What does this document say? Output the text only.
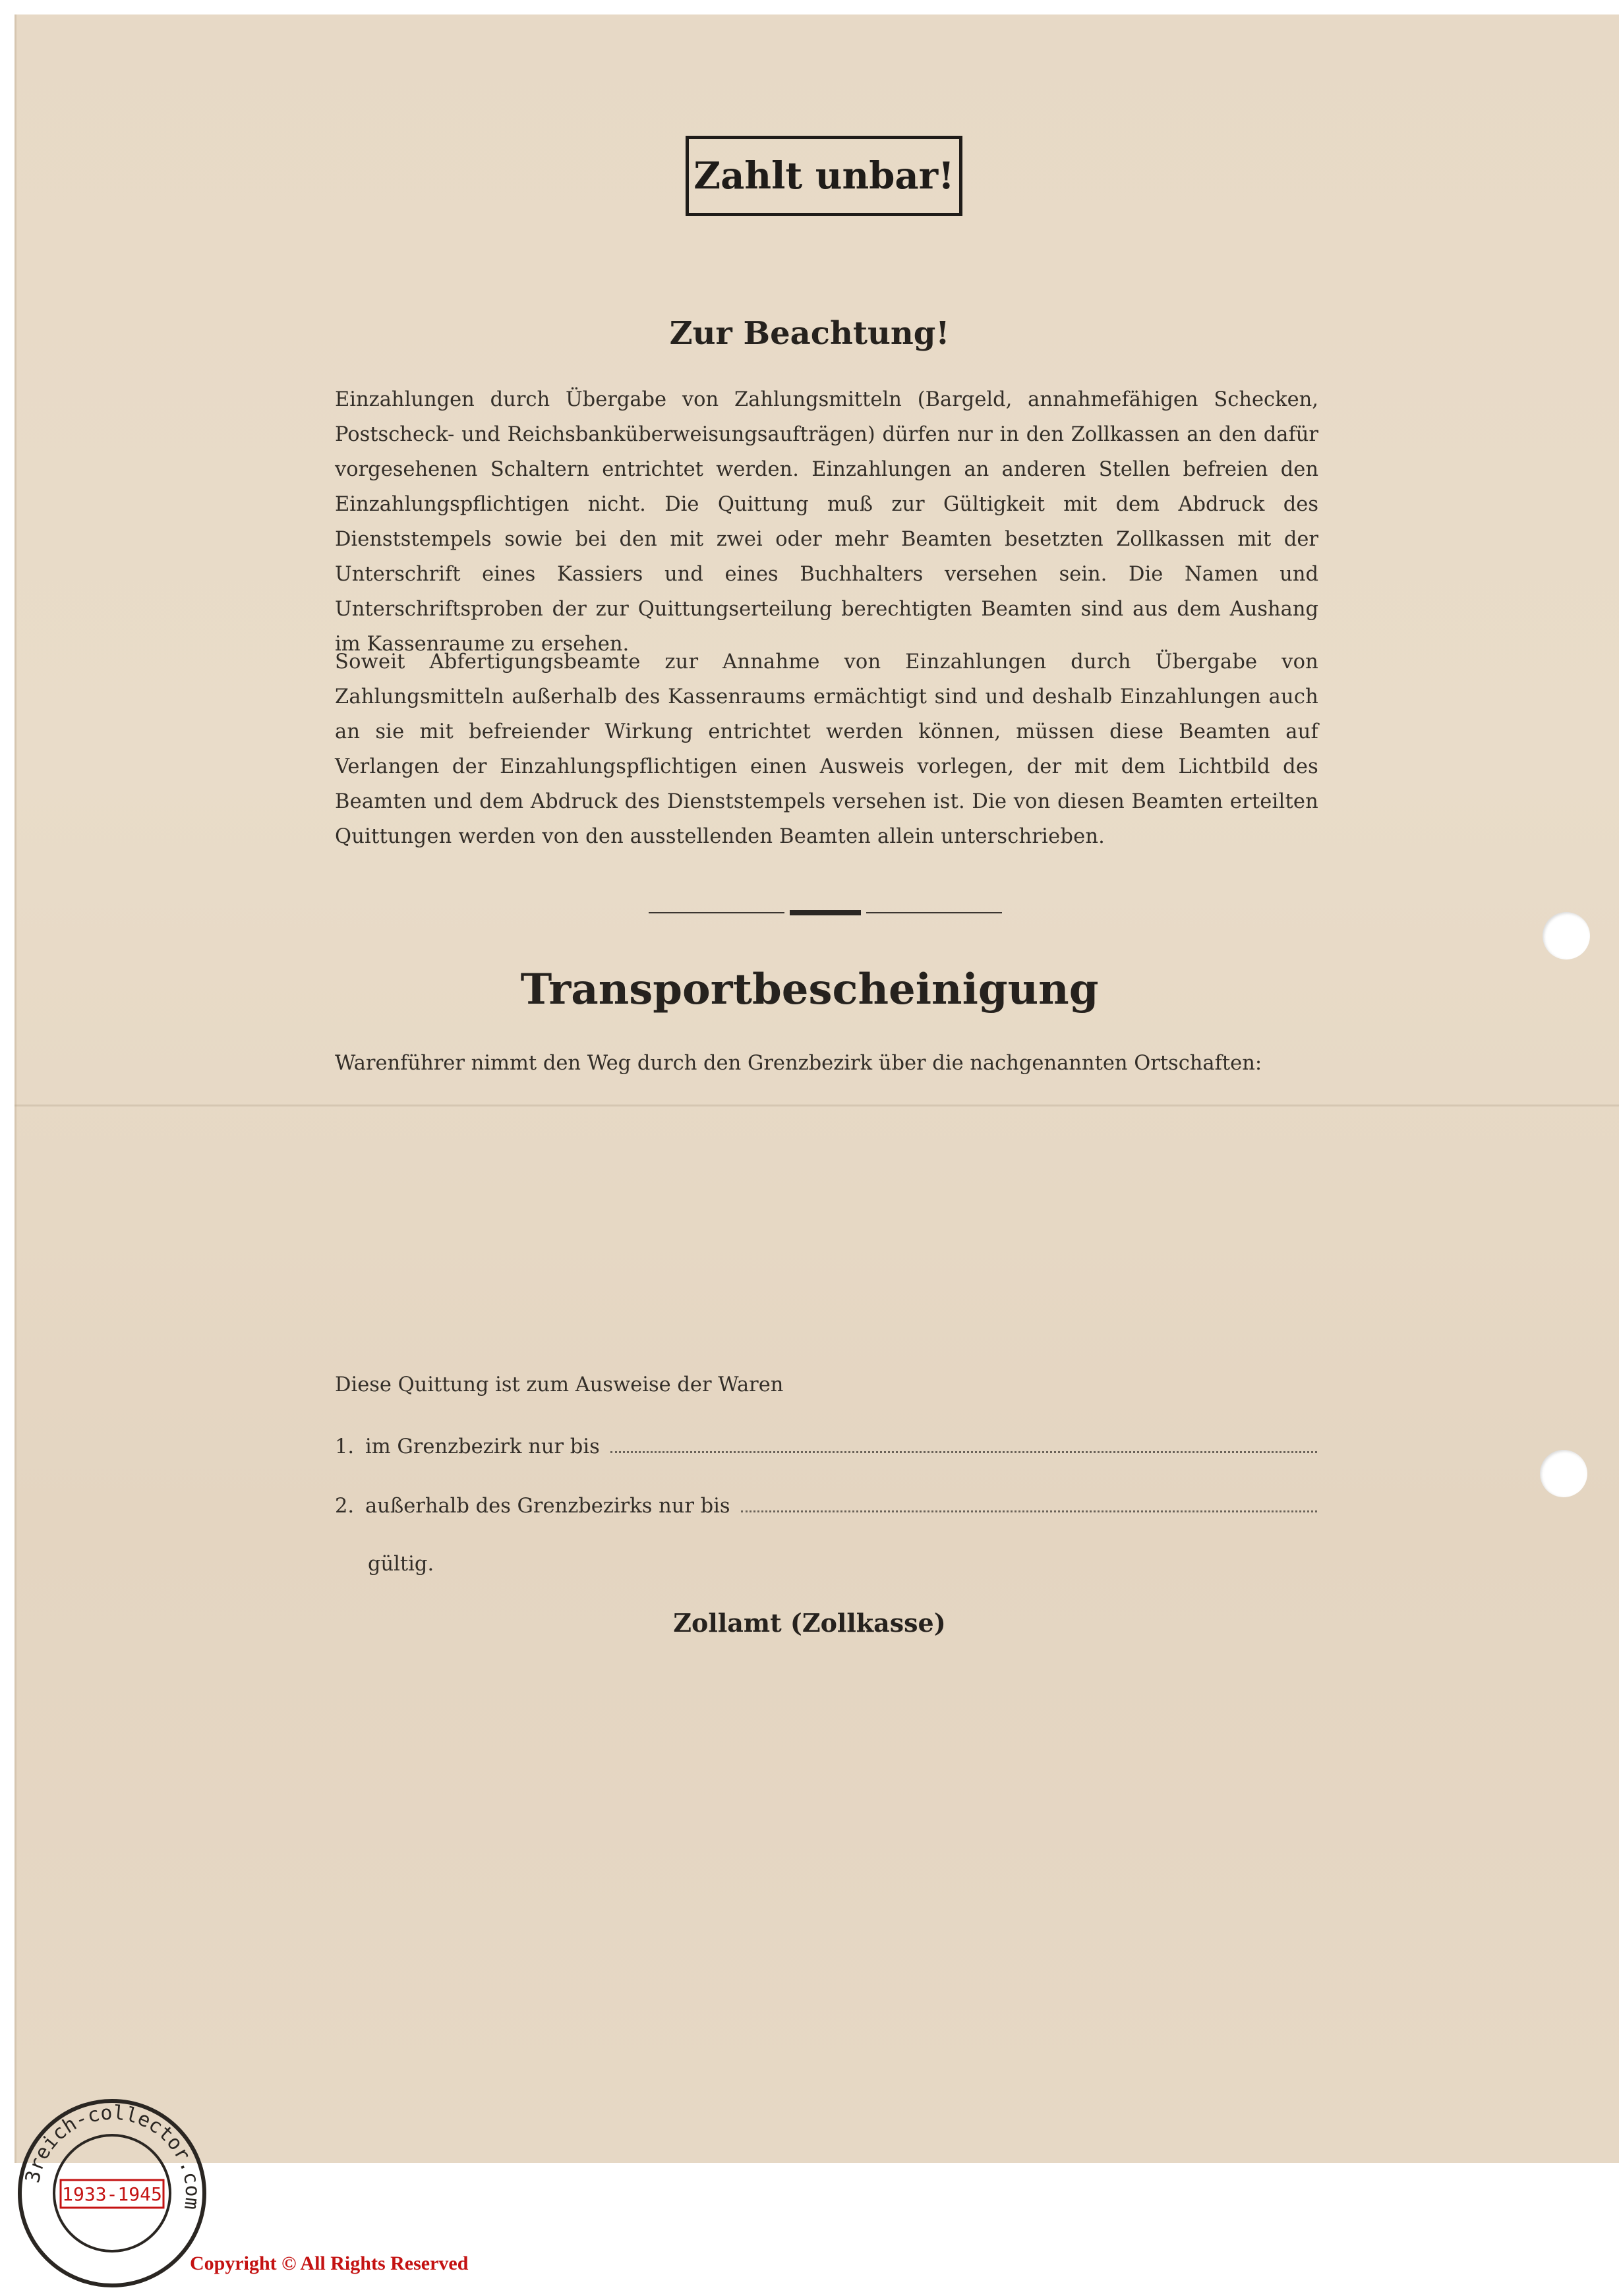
Zahlt unbar!
Zur Beachtung!
Einzahlungen durch Übergabe von Zahlungsmitteln (Bargeld, annahmefähigen Schecken, Postscheck- und Reichsbanküberweisungsaufträgen) dürfen nur in den Zollkassen an den dafür vorgesehenen Schaltern entrichtet werden. Einzahlungen an anderen Stellen befreien den Einzahlungspflichtigen nicht. Die Quittung muß zur Gültigkeit mit dem Abdruck des Dienststempels sowie bei den mit zwei oder mehr Beamten besetzten Zollkassen mit der Unterschrift eines Kassiers und eines Buchhalters versehen sein. Die Namen und Unterschriftsproben der zur Quittungserteilung berechtigten Beamten sind aus dem Aushang im Kassenraume zu ersehen.
Soweit Abfertigungsbeamte zur Annahme von Einzahlungen durch Übergabe von Zahlungsmitteln außerhalb des Kassenraums ermächtigt sind und deshalb Einzahlungen auch an sie mit befreiender Wirkung entrichtet werden können, müssen diese Beamten auf Verlangen der Einzahlungspflichtigen einen Ausweis vorlegen, der mit dem Lichtbild des Beamten und dem Abdruck des Dienststempels versehen ist. Die von diesen Beamten erteilten Quittungen werden von den ausstellenden Beamten allein unterschrieben.
Transportbescheinigung
Warenführer nimmt den Weg durch den Grenzbezirk über die nachgenannten Ortschaften:
Diese Quittung ist zum Ausweise der Waren
1. im Grenzbezirk nur bis
2. außerhalb des Grenzbezirks nur bis
gültig.
Zollamt (Zollkasse)
3reich-collector.com
1933-1945
Copyright © All Rights Reserved
